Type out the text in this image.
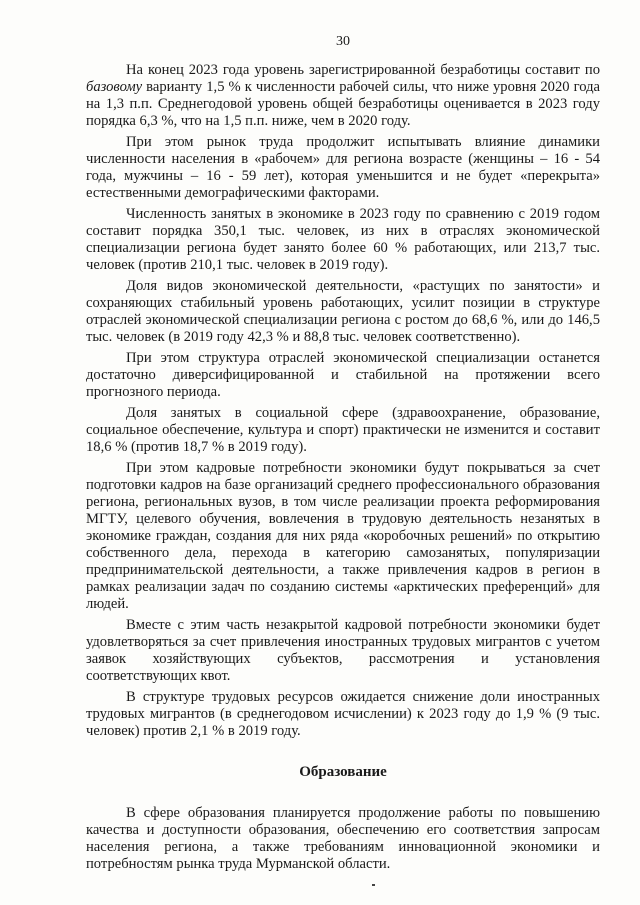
30

На конец 2023 года уровень зарегистрированной безработицы составит по базовому варианту 1,5 % к численности рабочей силы, что ниже уровня 2020 года на 1,3 п.п. Среднегодовой уровень общей безработицы оценивается в 2023 году порядка 6,3 %, что на 1,5 п.п. ниже, чем в 2020 году.

При этом рынок труда продолжит испытывать влияние динамики численности населения в «рабочем» для региона возрасте (женщины – 16 - 54 года, мужчины – 16 - 59 лет), которая уменьшится и не будет «перекрыта» естественными демографическими факторами.

Численность занятых в экономике в 2023 году по сравнению с 2019 годом составит порядка 350,1 тыс. человек, из них в отраслях экономической специализации региона будет занято более 60 % работающих, или 213,7 тыс. человек (против 210,1 тыс. человек в 2019 году).

Доля видов экономической деятельности, «растущих по занятости» и сохраняющих стабильный уровень работающих, усилит позиции в структуре отраслей экономической специализации региона с ростом до 68,6 %, или до 146,5 тыс. человек (в 2019 году 42,3 % и 88,8 тыс. человек соответственно).

При этом структура отраслей экономической специализации останется достаточно диверсифицированной и стабильной на протяжении всего прогнозного периода.

Доля занятых в социальной сфере (здравоохранение, образование, социальное обеспечение, культура и спорт) практически не изменится и составит 18,6 % (против 18,7 % в 2019 году).

При этом кадровые потребности экономики будут покрываться за счет подготовки кадров на базе организаций среднего профессионального образования региона, региональных вузов, в том числе реализации проекта реформирования МГТУ, целевого обучения, вовлечения в трудовую деятельность незанятых в экономике граждан, создания для них ряда «коробочных решений» по открытию собственного дела, перехода в категорию самозанятых, популяризации предпринимательской деятельности, а также привлечения кадров в регион в рамках реализации задач по созданию системы «арктических преференций» для людей.

Вместе с этим часть незакрытой кадровой потребности экономики будет удовлетворяться за счет привлечения иностранных трудовых мигрантов с учетом заявок хозяйствующих субъектов, рассмотрения и установления соответствующих квот.

В структуре трудовых ресурсов ожидается снижение доли иностранных трудовых мигрантов (в среднегодовом исчислении) к 2023 году до 1,9 % (9 тыс. человек) против 2,1 % в 2019 году.

Образование

В сфере образования планируется продолжение работы по повышению качества и доступности образования, обеспечению его соответствия запросам населения региона, а также требованиям инновационной экономики и потребностям рынка труда Мурманской области.
